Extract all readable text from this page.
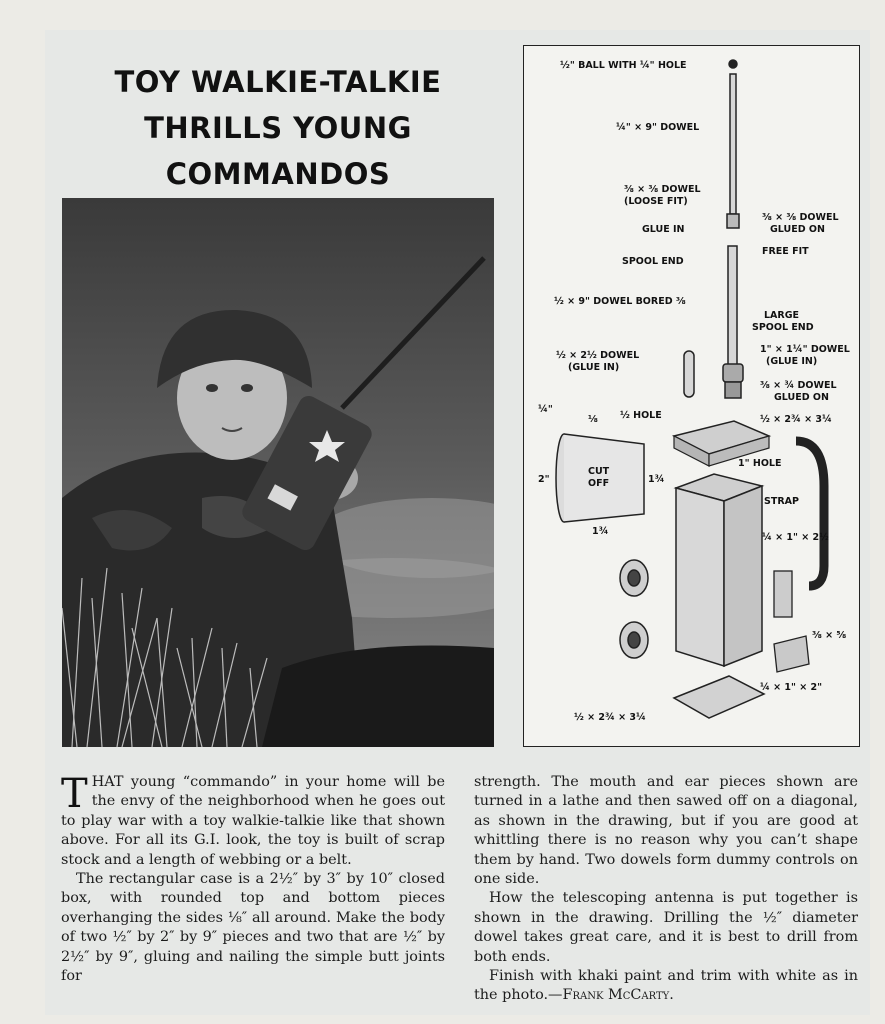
TOY WALKIE-TALKIE
THRILLS YOUNG
COMMANDOS
½" BALL WITH ¼" HOLE
¼" × 9" DOWEL
⅜ × ⅜ DOWEL
(LOOSE FIT)
⅜ × ⅜ DOWEL
GLUED ON
GLUE IN
FREE FIT
SPOOL END
½ × 9" DOWEL BORED ⅜
LARGE
SPOOL END
½ × 2½ DOWEL
(GLUE IN)
1" × 1¼" DOWEL
(GLUE IN)
⅜ × ¾ DOWEL
GLUED ON
¼"
⅛ ½ HOLE	½ × 2¾ × 3¼
1" HOLE
CUT
OFF
2"	1¾
1¾
STRAP
¼ × 1" × 2½
⅜ × ⅝
¼ × 1" × 2"
½ × 2¾ × 3¼

THAT young “commando” in your home will be the envy of the neighborhood when he goes out to play war with a toy walkie-talkie like that shown above. For all its G.I. look, the toy is built of scrap stock and a length of webbing or a belt.

The rectangular case is a 2½″ by 3″ by 10″ closed box, with rounded top and bottom pieces overhanging the sides ⅛″ all around. Make the body of two ½″ by 2″ by 9″ pieces and two that are ½″ by 2½″ by 9″, gluing and nailing the simple butt joints for

strength. The mouth and ear pieces shown are turned in a lathe and then sawed off on a diagonal, as shown in the drawing, but if you are good at whittling there is no reason why you can’t shape them by hand. Two dowels form dummy controls on one side.

How the telescoping antenna is put together is shown in the drawing. Drilling the ½″ diameter dowel takes great care, and it is best to drill from both ends.

Finish with khaki paint and trim with white as in the photo.—Frank McCarty.
